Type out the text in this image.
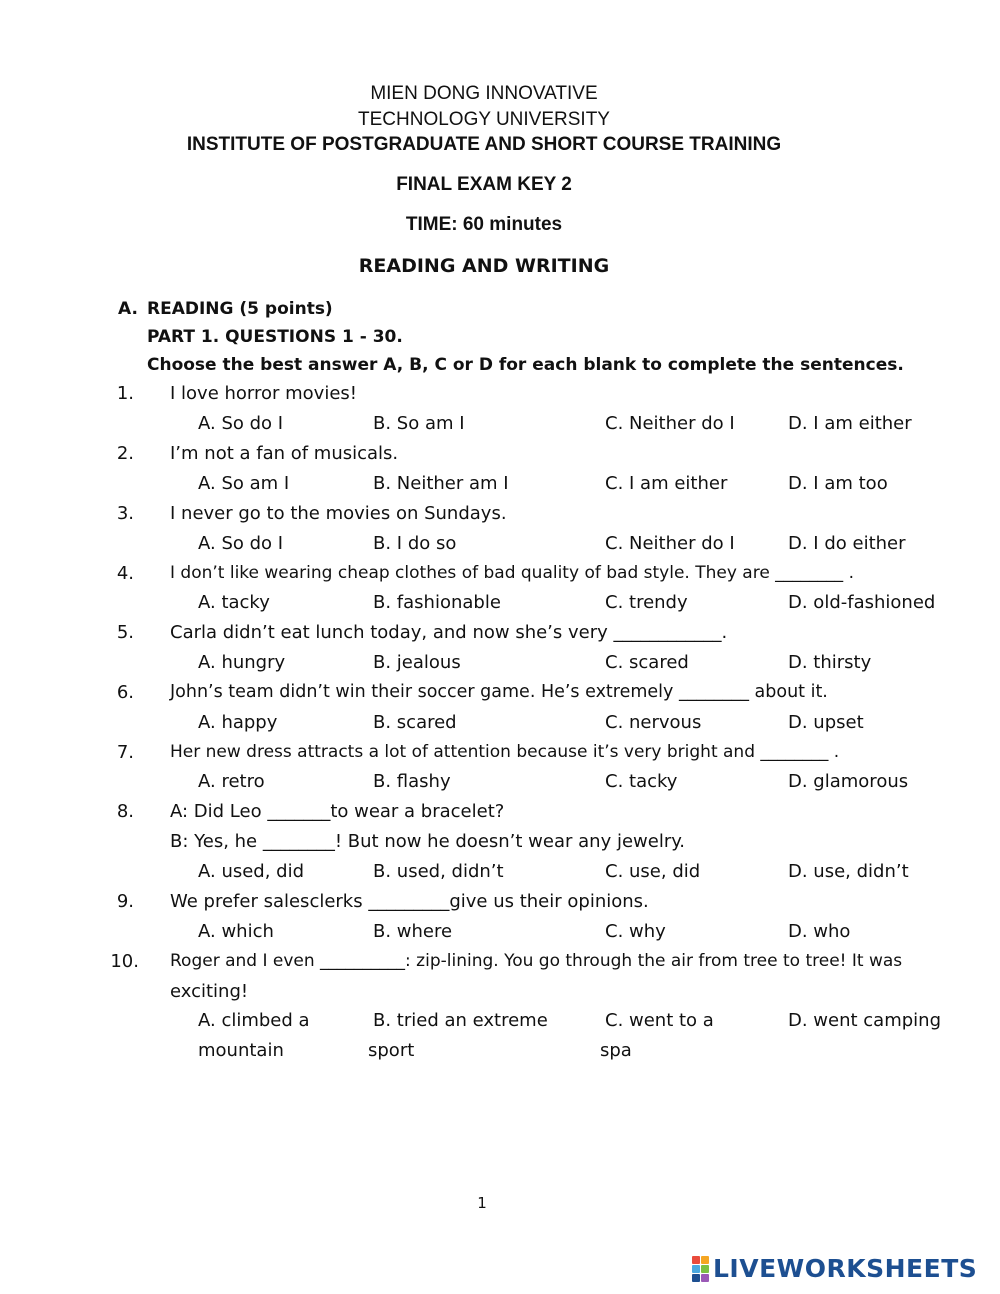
MIEN DONG INNOVATIVE
TECHNOLOGY UNIVERSITY
INSTITUTE OF POSTGRADUATE AND SHORT COURSE TRAINING
FINAL EXAM KEY 2
TIME: 60 minutes
READING AND WRITING
A. READING (5 points)
PART 1. QUESTIONS 1 - 30.
Choose the best answer A, B, C or D for each blank to complete the sentences.
1. I love horror movies!
A. So do I	B. So am I	C. Neither do I	D. I am either
2. I’m not a fan of musicals.
A. So am I	B. Neither am I	C. I am either	D. I am too
3. I never go to the movies on Sundays.
A. So do I	B. I do so	C. Neither do I	D. I do either
4. I don’t like wearing cheap clothes of bad quality of bad style. They are ________ .
A. tacky	B. fashionable	C. trendy	D. old-fashioned
5. Carla didn’t eat lunch today, and now she’s very ____________.
A. hungry	B. jealous	C. scared	D. thirsty
6. John’s team didn’t win their soccer game. He’s extremely ________ about it.
A. happy	B. scared	C. nervous	D. upset
7. Her new dress attracts a lot of attention because it’s very bright and ________ .
A. retro	B. flashy	C. tacky	D. glamorous
8. A: Did Leo _______to wear a bracelet?
B: Yes, he ________! But now he doesn’t wear any jewelry.
A. used, did	B. used, didn’t	C. use, did	D. use, didn’t
9. We prefer salesclerks _________give us their opinions.
A. which	B. where	C. why	D. who
10. Roger and I even __________: zip-lining. You go through the air from tree to tree! It was
exciting!
A. climbed a	B. tried an extreme	C. went to a	D. went camping
mountain	sport	spa
1
LIVEWORKSHEETS
